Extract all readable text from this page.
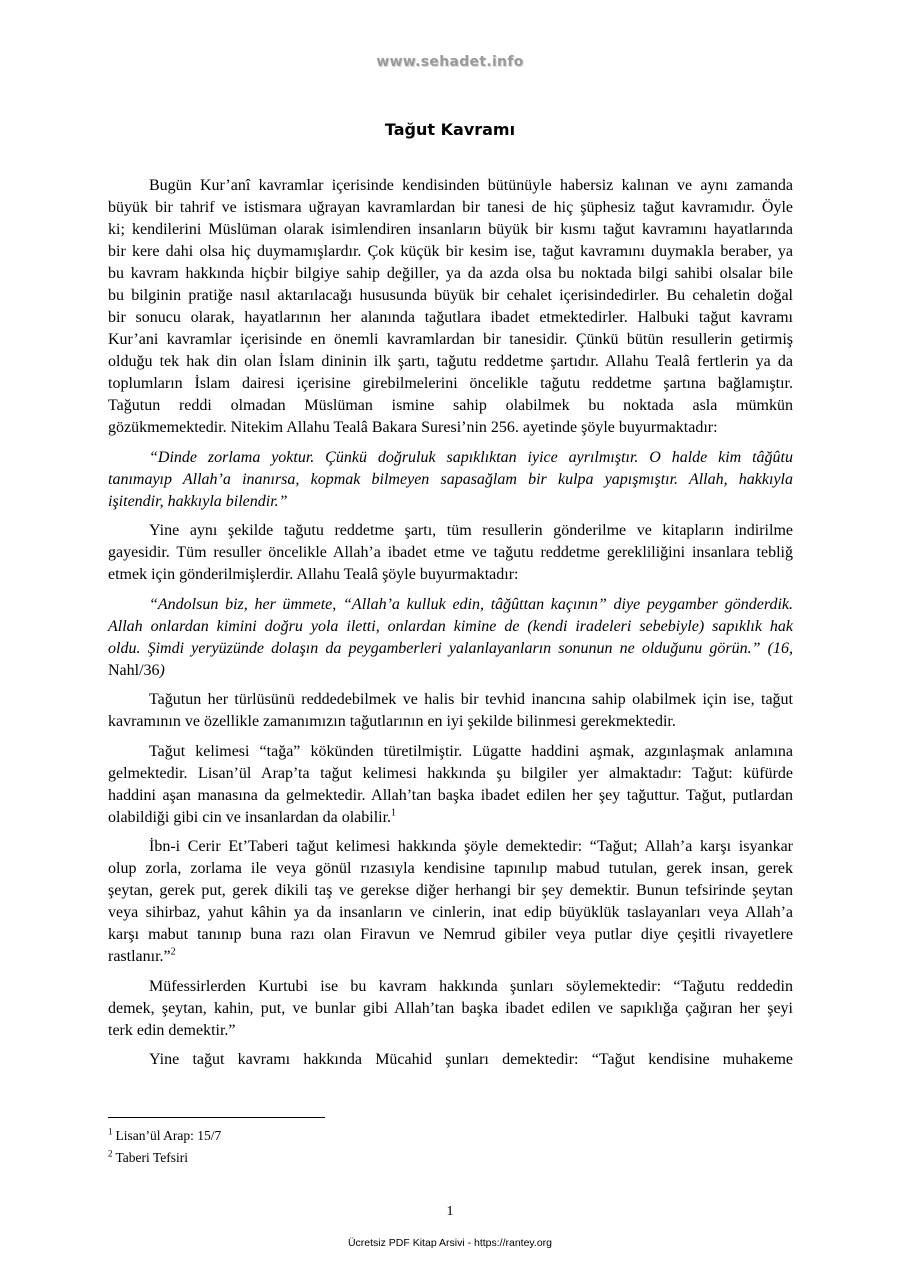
www.sehadet.info
Tağut Kavramı
Bugün Kur’anî kavramlar içerisinde kendisinden bütünüyle habersiz kalınan ve aynı zamanda
büyük bir tahrif ve istismara uğrayan kavramlardan bir tanesi de hiç şüphesiz tağut kavramıdır. Öyle
ki; kendilerini Müslüman olarak isimlendiren insanların büyük bir kısmı tağut kavramını hayatlarında
bir kere dahi olsa hiç duymamışlardır. Çok küçük bir kesim ise, tağut kavramını duymakla beraber, ya
bu kavram hakkında hiçbir bilgiye sahip değiller, ya da azda olsa bu noktada bilgi sahibi olsalar bile
bu bilginin pratiğe nasıl aktarılacağı hususunda büyük bir cehalet içerisindedirler. Bu cehaletin doğal
bir sonucu olarak, hayatlarının her alanında tağutlara ibadet etmektedirler. Halbuki tağut kavramı
Kur’ani kavramlar içerisinde en önemli kavramlardan bir tanesidir. Çünkü bütün resullerin getirmiş
olduğu tek hak din olan İslam dininin ilk şartı, tağutu reddetme şartıdır. Allahu Tealâ fertlerin ya da
toplumların İslam dairesi içerisine girebilmelerini öncelikle tağutu reddetme şartına bağlamıştır.
Tağutun reddi olmadan Müslüman ismine sahip olabilmek bu noktada asla mümkün
gözükmemektedir. Nitekim Allahu Tealâ Bakara Suresi’nin 256. ayetinde şöyle buyurmaktadır:
“Dinde zorlama yoktur. Çünkü doğruluk sapıklıktan iyice ayrılmıştır. O halde kim tâğûtu
tanımayıp Allah’a inanırsa, kopmak bilmeyen sapasağlam bir kulpa yapışmıştır. Allah, hakkıyla
işitendir, hakkıyla bilendir.”
Yine aynı şekilde tağutu reddetme şartı, tüm resullerin gönderilme ve kitapların indirilme
gayesidir. Tüm resuller öncelikle Allah’a ibadet etme ve tağutu reddetme gerekliliğini insanlara tebliğ
etmek için gönderilmişlerdir. Allahu Tealâ şöyle buyurmaktadır:
“Andolsun biz, her ümmete, “Allah’a kulluk edin, tâğûttan kaçının” diye peygamber gönderdik.
Allah onlardan kimini doğru yola iletti, onlardan kimine de (kendi iradeleri sebebiyle) sapıklık hak
oldu. Şimdi yeryüzünde dolaşın da peygamberleri yalanlayanların sonunun ne olduğunu görün.” (16,
Nahl/36)
Tağutun her türlüsünü reddedebilmek ve halis bir tevhid inancına sahip olabilmek için ise, tağut
kavramının ve özellikle zamanımızın tağutlarının en iyi şekilde bilinmesi gerekmektedir.
Tağut kelimesi “tağa” kökünden türetilmiştir. Lügatte haddini aşmak, azgınlaşmak anlamına
gelmektedir. Lisan’ül Arap’ta tağut kelimesi hakkında şu bilgiler yer almaktadır: Tağut: küfürde
haddini aşan manasına da gelmektedir. Allah’tan başka ibadet edilen her şey tağuttur. Tağut, putlardan
olabildiği gibi cin ve insanlardan da olabilir.$^1$
İbn-i Cerir Et’Taberi tağut kelimesi hakkında şöyle demektedir: “Tağut; Allah’a karşı isyankar
olup zorla, zorlama ile veya gönül rızasıyla kendisine tapınılıp mabud tutulan, gerek insan, gerek
şeytan, gerek put, gerek dikili taş ve gerekse diğer herhangi bir şey demektir. Bunun tefsirinde şeytan
veya sihirbaz, yahut kâhin ya da insanların ve cinlerin, inat edip büyüklük taslayanları veya Allah’a
karşı mabut tanınıp buna razı olan Firavun ve Nemrud gibiler veya putlar diye çeşitli rivayetlere
rastlanır.”$^2$
Müfessirlerden Kurtubi ise bu kavram hakkında şunları söylemektedir: “Tağutu reddedin
demek, şeytan, kahin, put, ve bunlar gibi Allah’tan başka ibadet edilen ve sapıklığa çağıran her şeyi
terk edin demektir.”
Yine tağut kavramı hakkında Mücahid şunları demektedir: “Tağut kendisine muhakeme
$^1$ Lisan’ül Arap: 15/7
$^2$ Taberi Tefsiri
1
Ücretsiz PDF Kitap Arsivi - https://rantey.org
